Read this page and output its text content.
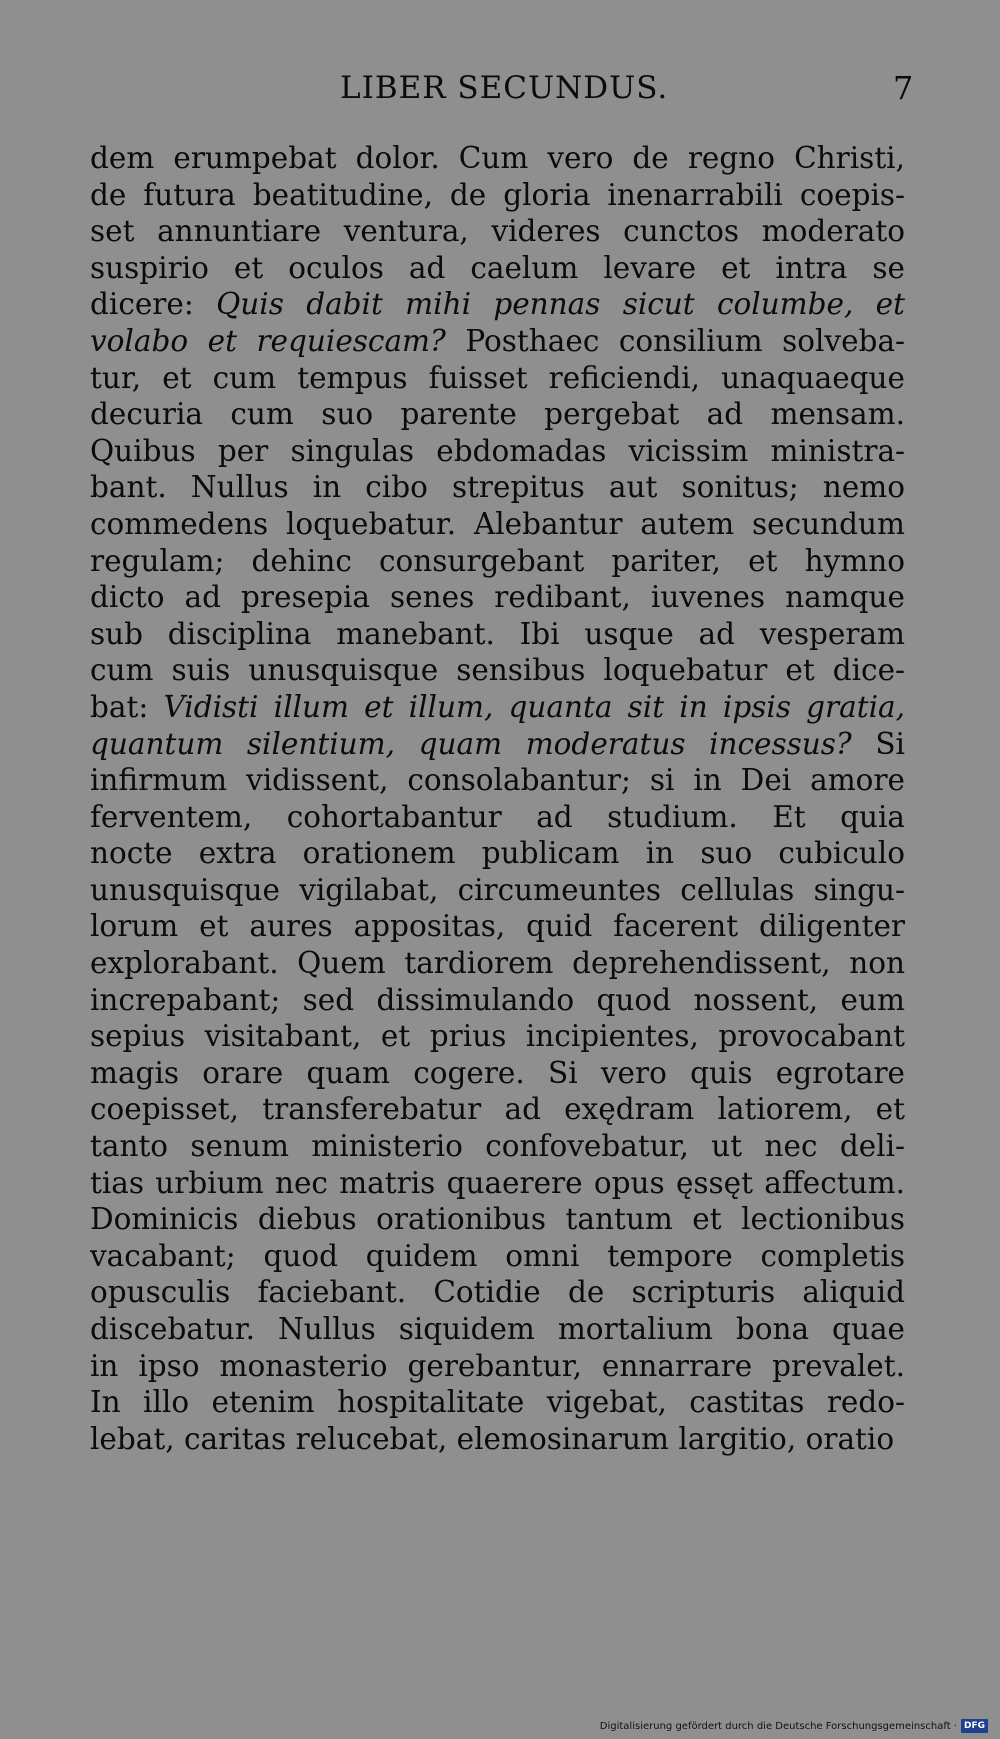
LIBER SECUNDUS.	7
dem erumpebat dolor. Cum vero de regno Christi,
de futura beatitudine, de gloria inenarrabili coepis-
set annuntiare ventura, videres cunctos moderato
suspirio et oculos ad caelum levare et intra se
dicere: Quis dabit mihi pennas sicut columbe, et
volabo et requiescam? Posthaec consilium solveba-
tur, et cum tempus fuisset reficiendi, unaquaeque
decuria cum suo parente pergebat ad mensam.
Quibus per singulas ebdomadas vicissim ministra-
bant. Nullus in cibo strepitus aut sonitus; nemo
commedens loquebatur. Alebantur autem secundum
regulam; dehinc consurgebant pariter, et hymno
dicto ad presepia senes redibant, iuvenes namque
sub disciplina manebant. Ibi usque ad vesperam
cum suis unusquisque sensibus loquebatur et dice-
bat: Vidisti illum et illum, quanta sit in ipsis gratia,
quantum silentium, quam moderatus incessus? Si
infirmum vidissent, consolabantur; si in Dei amore
ferventem, cohortabantur ad studium. Et quia
nocte extra orationem publicam in suo cubiculo
unusquisque vigilabat, circumeuntes cellulas singu-
lorum et aures appositas, quid facerent diligenter
explorabant. Quem tardiorem deprehendissent, non
increpabant; sed dissimulando quod nossent, eum
sepius visitabant, et prius incipientes, provocabant
magis orare quam cogere. Si vero quis egrotare
coepisset, transferebatur ad exędram latiorem, et
tanto senum ministerio confovebatur, ut nec deli-
tias urbium nec matris quaerere opus ęssęt affectum.
Dominicis diebus orationibus tantum et lectionibus
vacabant; quod quidem omni tempore completis
opusculis faciebant. Cotidie de scripturis aliquid
discebatur. Nullus siquidem mortalium bona quae
in ipso monasterio gerebantur, ennarrare prevalet.
In illo etenim hospitalitate vigebat, castitas redo-
lebat, caritas relucebat, elemosinarum largitio, oratio
Digitalisierung gefördert durch die Deutsche Forschungsgemeinschaft · DFG
